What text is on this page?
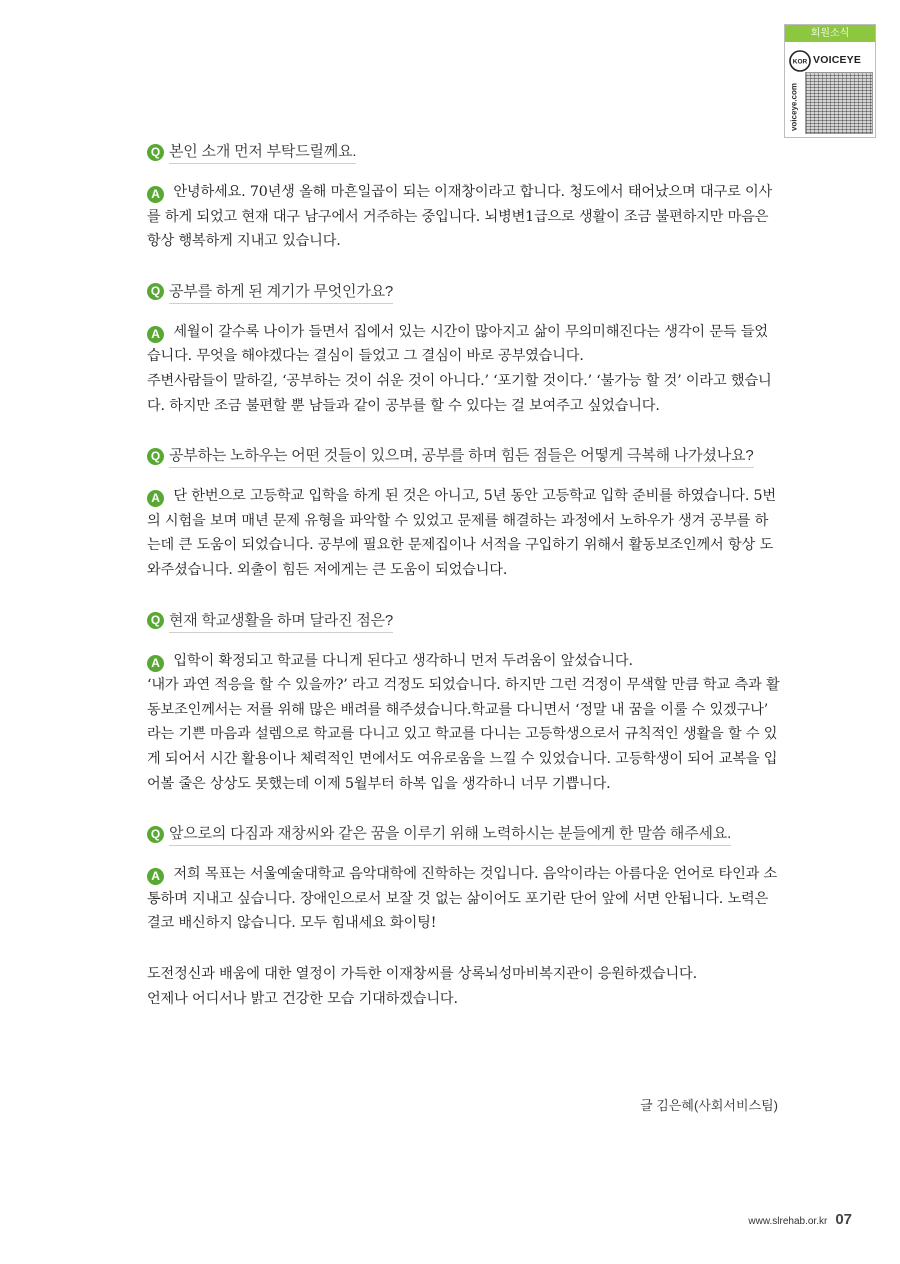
회원소식
KOR VOICEYE
voiceye.com
Q 본인 소개 먼저 부탁드릴께요.

A 안녕하세요. 70년생 올해 마흔일곱이 되는 이재창이라고 합니다. 청도에서 태어났으며 대구로 이사를 하게 되었고 현재 대구 남구에서 거주하는 중입니다. 뇌병변1급으로 생활이 조금 불편하지만 마음은 항상 행복하게 지내고 있습니다.

Q 공부를 하게 된 계기가 무엇인가요?

A 세월이 갈수록 나이가 들면서 집에서 있는 시간이 많아지고 삶이 무의미해진다는 생각이 문득 들었습니다. 무엇을 해야겠다는 결심이 들었고 그 결심이 바로 공부였습니다.

주변사람들이 말하길, ‘공부하는 것이 쉬운 것이 아니다.’ ‘포기할 것이다.’ ‘불가능 할 것’ 이라고 했습니다. 하지만 조금 불편할 뿐 남들과 같이 공부를 할 수 있다는 걸 보여주고 싶었습니다.

Q 공부하는 노하우는 어떤 것들이 있으며, 공부를 하며 힘든 점들은 어떻게 극복해 나가셨나요?

A 단 한번으로 고등학교 입학을 하게 된 것은 아니고, 5년 동안 고등학교 입학 준비를 하였습니다. 5번의 시험을 보며 매년 문제 유형을 파악할 수 있었고 문제를 해결하는 과정에서 노하우가 생겨 공부를 하는데 큰 도움이 되었습니다. 공부에 필요한 문제집이나 서적을 구입하기 위해서 활동보조인께서 항상 도와주셨습니다. 외출이 힘든 저에게는 큰 도움이 되었습니다.

Q 현재 학교생활을 하며 달라진 점은?

A 입학이 확정되고 학교를 다니게 된다고 생각하니 먼저 두려움이 앞섰습니다.

‘내가 과연 적응을 할 수 있을까?’ 라고 걱정도 되었습니다. 하지만 그런 걱정이 무색할 만큼 학교 측과 활동보조인께서는 저를 위해 많은 배려를 해주셨습니다.학교를 다니면서 ‘정말 내 꿈을 이룰 수 있겠구나’ 라는 기쁜 마음과 설렘으로 학교를 다니고 있고 학교를 다니는 고등학생으로서 규칙적인 생활을 할 수 있게 되어서 시간 활용이나 체력적인 면에서도 여유로움을 느낄 수 있었습니다. 고등학생이 되어 교복을 입어볼 줄은 상상도 못했는데 이제 5월부터 하복 입을 생각하니 너무 기쁩니다.

Q 앞으로의 다짐과 재창씨와 같은 꿈을 이루기 위해 노력하시는 분들에게 한 말씀 해주세요.

A 저희 목표는 서울예술대학교 음악대학에 진학하는 것입니다. 음악이라는 아름다운 언어로 타인과 소통하며 지내고 싶습니다. 장애인으로서 보잘 것 없는 삶이어도 포기란 단어 앞에 서면 안됩니다. 노력은 결코 배신하지 않습니다. 모두 힘내세요 화이팅!

도전정신과 배움에 대한 열정이 가득한 이재창씨를 상록뇌성마비복지관이 응원하겠습니다.

언제나 어디서나 밝고 건강한 모습 기대하겠습니다.

글 김은혜(사회서비스팀)
www.slrehab.or.kr 07
